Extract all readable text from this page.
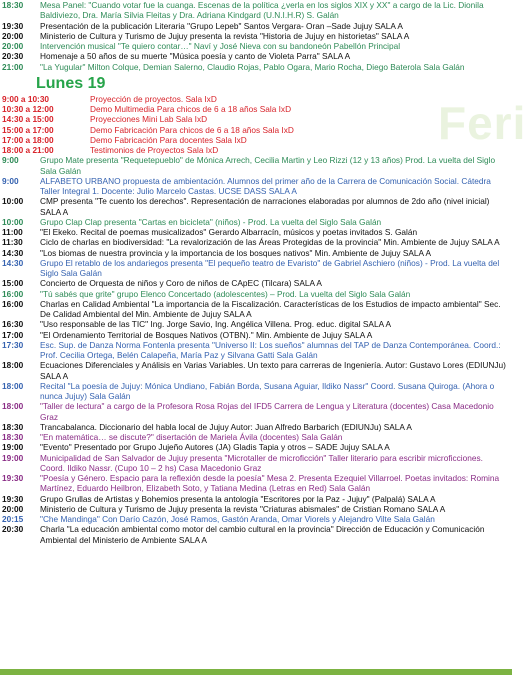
Feri
18:30	Mesa Panel: "Cuando votar fue la cuanga. Escenas de la política ¿verla en los siglos XIX y XX" a cargo de la Lic. Dionila Baldiviezo, Dra. María Silvia Fleitas y Dra. Adriana Kindgard (U.N.I.H.R) S. Galán
19:30	Presentación de la publicación Literaria "Grupo Lepeb" Santos Vergara- Oran –Sade Jujuy SALA A
20:00	Ministerio de Cultura y Turismo de Jujuy presenta la revista "Historia de Jujuy en historietas" SALA A
20:00	Intervención musical "Te quiero contar…" Naví y José Nieva con su bandoneón Pabellón Principal
20:30	Homenaje a 50 años de su muerte "Música poesía y canto de Violeta Parra" SALA A
21:00	"La Yugular" Milton Colque, Demian Salerno, Claudio Rojas, Pablo Ogara, Mario Rocha, Diego Baterola Sala Galán
Lunes 19
9:00 a 10:30	Proyección de proyectos. Sala IxD
10:30 a 12:00	Demo Multimedia Para chicos de 6 a 18 años Sala IxD
14:30 a 15:00	Proyecciones Mini Lab Sala IxD
15:00 a 17:00	Demo Fabricación Para chicos de 6 a 18 años Sala IxD
17:00 a 18:00	Demo Fabricación Para docentes Sala IxD
18:00 a 21:00	Testimonios de Proyectos Sala IxD
9:00	Grupo Mate presenta "Requetepueblo" de Mónica Arrech, Cecilia Martin y Leo Rizzi (12 y 13 años) Prod. La vuelta del Siglo Sala Galán
9:00	ALFABETO URBANO propuesta de ambientación. Alumnos del primer año de la Carrera de Comunicación Social. Cátedra Taller Integral 1. Docente: Julio Marcelo Castas. UCSE DASS SALA A
10:00	CMP presenta "Te cuento los derechos". Representación de narraciones elaboradas por alumnos de 2do año (nivel inicial) SALA A
10:00	Grupo Clap Clap presenta "Cartas en bicicleta" (niños) - Prod. La vuelta del Siglo Sala Galán
11:00	"El Ekeko. Recital de poemas musicalizados" Gerardo Albarracín, músicos y poetas invitados S. Galán
11:30	Ciclo de charlas en biodiversidad: "La revalorización de las Áreas Protegidas de la provincia" Min. Ambiente de Jujuy SALA A
14:30	"Los biomas de nuestra provincia y la importancia de los bosques nativos" Min. Ambiente de Jujuy SALA A
14:30	Grupo El retablo de los andariegos presenta "El pequeño teatro de Evaristo" de Gabriel Aschiero (niños) - Prod. La vuelta del Siglo Sala Galán
15:00	Concierto de Orquesta de niños y Coro de niños de CApEC (Tilcara) SALA A
16:00	"Tú sabés que grite" grupo Elenco Concertado (adolescentes) – Prod. La vuelta del Siglo Sala Galán
16:00	Charlas en Calidad Ambiental "La importancia de la Fiscalización. Características de los Estudios de impacto ambiental" Sec. De Calidad Ambiental del Min. Ambiente de Jujuy SALA A
16:30	"Uso responsable de las TIC" Ing. Jorge Savio, Ing. Angélica Villena. Prog. educ. digital SALA A
17:00	"El Ordenamiento Territorial de Bosques Nativos (OTBN)." Min. Ambiente de Jujuy SALA A
17:30	Esc. Sup. de Danza Norma Fontenla presenta "Universo II: Los sueños" alumnas del TAP de Danza Contemporánea. Coord.: Prof. Cecilia Ortega, Belén Calapeña, María Paz y Silvana Gatti Sala Galán
18:00	Ecuaciones Diferenciales y Análisis en Varias Variables. Un texto para carreras de Ingeniería. Autor: Gustavo Lores (EDIUNJu) SALA A
18:00	Recital "La poesía de Jujuy: Mónica Undiano, Fabián Borda, Susana Aguiar, Ildiko Nassr" Coord. Susana Quiroga. (Ahora o nunca Jujuy) Sala Galán
18:00	"Taller de lectura" a cargo de la Profesora Rosa Rojas del IFD5 Carrera de Lengua y Literatura (docentes) Casa Macedonio Graz
18:30	Trancabalanca. Diccionario del habla local de Jujuy Autor: Juan Alfredo Barbarich (EDIUNJu) SALA A
18:30	"En matemática… se discute?" disertación de Mariela Ávila (docentes) Sala Galán
19:00	"Evento" Presentado por Grupo Jujeño Autores (JA) Gladis Tapia y otros – SADE Jujuy SALA A
19:00	Municipalidad de San Salvador de Jujuy presenta "Microtaller de microficción" Taller literario para escribir microficciones. Coord. Ildiko Nassr. (Cupo 10 – 2 hs) Casa Macedonio Graz
19:30	"Poesía y Género. Espacio para la reflexión desde la poesía" Mesa 2. Presenta Ezequiel Villarroel. Poetas invitados: Romina Martínez, Eduardo Heilbron, Elizabeth Soto, y Tatiana Medina (Letras en Red) Sala Galán
19:30	Grupo Grullas de Artistas y Bohemios presenta la antología "Escritores por la Paz - Jujuy" (Palpalá) SALA A
20:00	Ministerio de Cultura y Turismo de Jujuy presenta la revista "Criaturas abismales" de Cristian Romano SALA A
20:15	"Che Mandinga" Con Darío Cazón, José Ramos, Gastón Aranda, Omar Viorels y Alejandro Vilte Sala Galán
20:30	Charla "La educación ambiental como motor del cambio cultural en la provincia" Dirección de Educación y Comunicación Ambiental del Ministerio de Ambiente SALA A
